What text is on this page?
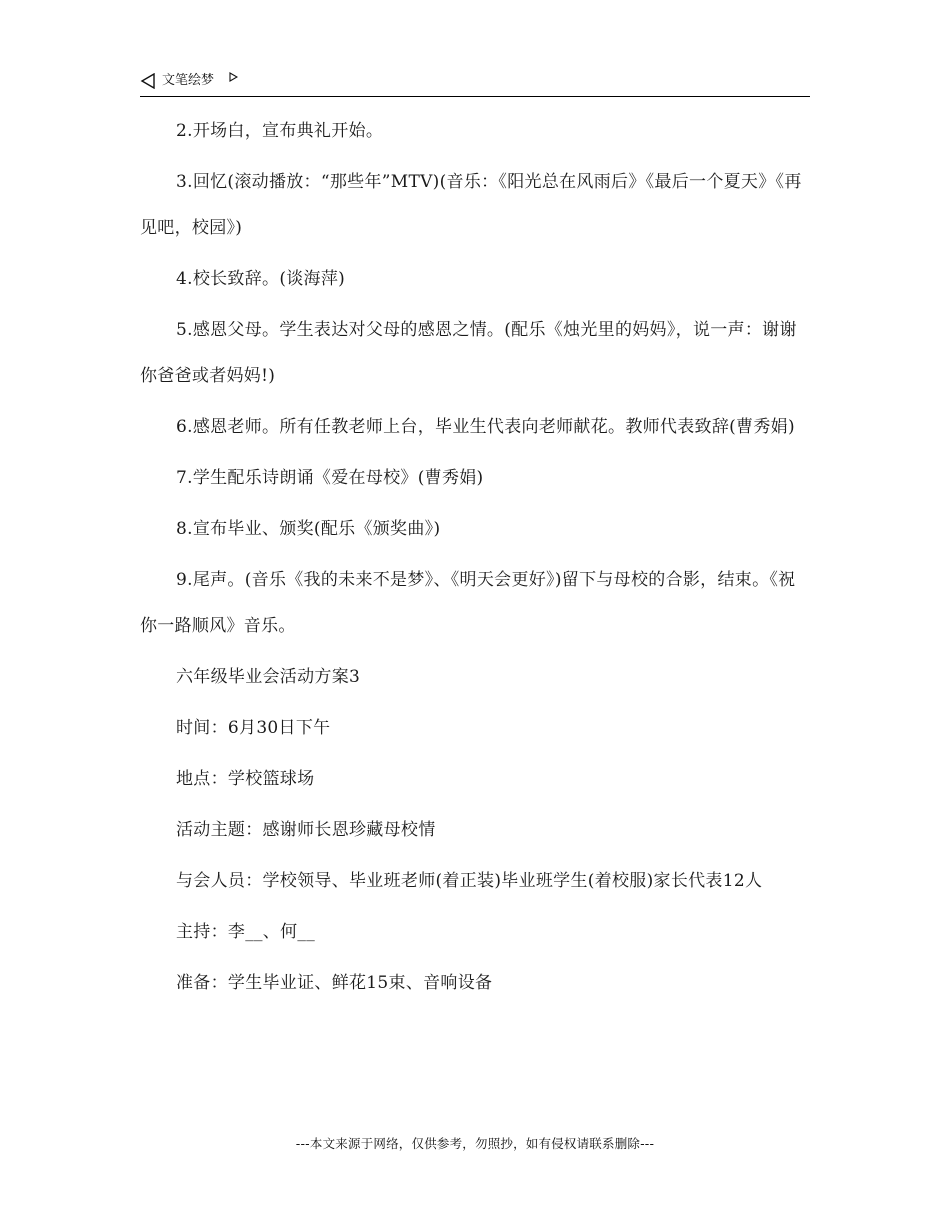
文笔绘梦

2.开场白，宣布典礼开始。

3.回忆(滚动播放：“那些年”MTV)(音乐：《阳光总在风雨后》《最后一个夏天》《再见吧，校园》)

4.校长致辞。(谈海萍)

5.感恩父母。学生表达对父母的感恩之情。(配乐《烛光里的妈妈》，说一声：谢谢你爸爸或者妈妈!)

6.感恩老师。所有任教老师上台，毕业生代表向老师献花。教师代表致辞(曹秀娟)

7.学生配乐诗朗诵《爱在母校》(曹秀娟)

8.宣布毕业、颁奖(配乐《颁奖曲》)

9.尾声。(音乐《我的未来不是梦》、《明天会更好》)留下与母校的合影，结束。《祝你一路顺风》音乐。

六年级毕业会活动方案3

时间：6月30日下午

地点：学校篮球场

活动主题：感谢师长恩珍藏母校情

与会人员：学校领导、毕业班老师(着正装)毕业班学生(着校服)家长代表12人

主持：李__、何__

准备：学生毕业证、鲜花15束、音响设备

---本文来源于网络，仅供参考，勿照抄，如有侵权请联系删除---
